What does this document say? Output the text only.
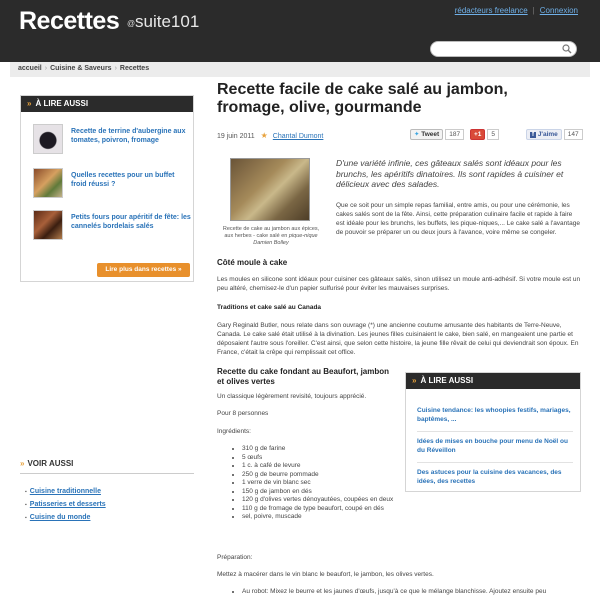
Recettes @ suite101
rédacteurs freelance | Connexion
accueil › Cuisine & Saveurs › Recettes
» À LIRE AUSSI
Recette de terrine d'aubergine aux tomates, poivron, fromage
Quelles recettes pour un buffet froid réussi ?
Petits fours pour apéritif de fête: les cannelés bordelais salés
Lire plus dans recettes »
» VOIR AUSSI
▪ Cuisine traditionnelle
▪ Patisseries et desserts
▪ Cuisine du monde
Recette facile de cake salé au jambon, fromage, olive, gourmande
19 juin 2011 ★ Chantal Dumont	✦ Tweet 187	+1 5	f J'aime 147
Recette de cake au jambon aux épices, aux herbes - cake salé en pique-nique Damien Bolley

D'une variété infinie, ces gâteaux salés sont idéaux pour les brunchs, les apéritifs dinatoires. Ils sont rapides à cuisiner et délicieux avec des salades.

Que ce soit pour un simple repas familial, entre amis, ou pour une cérémonie, les cakes salés sont de la fête. Ainsi, cette préparation culinaire facile et rapide à faire est idéale pour les brunchs, les buffets, les pique-niques,... Le cake salé a l'avantage de pouvoir se préparer un ou deux jours à l'avance, voire même se congeler.

Côté moule à cake

Les moules en silicone sont idéaux pour cuisiner ces gâteaux salés, sinon utilisez un moule anti-adhésif. Si votre moule est un peu altéré, chemisez-le d'un papier sulfurisé pour éviter les mauvaises surprises.

Traditions et cake salé au Canada

Gary Reginald Butler, nous relate dans son ouvrage (*) une ancienne coutume amusante des habitants de Terre-Neuve, Canada. Le cake salé était utilisé à la divination. Les jeunes filles cuisinaient le cake, bien salé, en mangeaient une partie et déposaient l'autre sous l'oreiller. C'est ainsi, que selon cette histoire, la jeune fille rêvait de celui qui deviendrait son époux. En France, c'était la crêpe qui remplissait cet office.

Recette du cake fondant au Beaufort, jambon et olives vertes

Un classique légèrement revisité, toujours apprécié.

Pour 8 personnes

Ingrédients:

• 310 g de farine
• 5 œufs
• 1 c. à café de levure
• 250 g de beurre pommade
• 1 verre de vin blanc sec
• 150 g de jambon en dés
• 120 g d'olives vertes dénoyautées, coupées en deux
• 110 g de fromage de type beaufort, coupé en dés
• sel, poivre, muscade

Préparation:

Mettez à macérer dans le vin blanc le beaufort, le jambon, les olives vertes.

• Au robot: Mixez le beurre et les jaunes d'œufs, jusqu'à ce que le mélange blanchisse. Ajoutez ensuite peu
» À LIRE AUSSI
Cuisine tendance: les whoopies festifs, mariages, baptêmes, ...
Idées de mises en bouche pour menu de Noël ou du Réveillon
Des astuces pour la cuisine des vacances, des idées, des recettes
